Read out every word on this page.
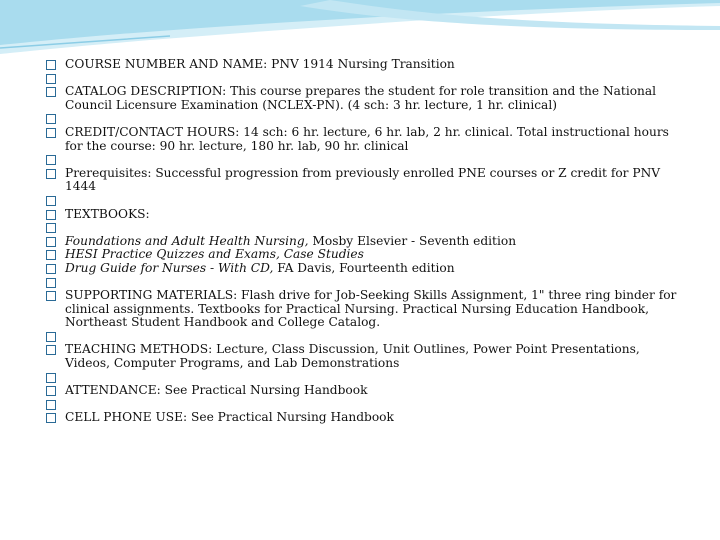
COURSE NUMBER AND NAME: PNV 1914 Nursing Transition
CATALOG DESCRIPTION: This course prepares the student for role transition and the National Council Licensure Examination (NCLEX-PN). (4 sch: 3 hr. lecture, 1 hr. clinical)
CREDIT/CONTACT HOURS: 14 sch: 6 hr. lecture, 6 hr. lab, 2 hr. clinical. Total instructional hours for the course: 90 hr. lecture, 180 hr. lab, 90 hr. clinical
Prerequisites: Successful progression from previously enrolled PNE courses or Z credit for PNV 1444
TEXTBOOKS:
Foundations and Adult Health Nursing, Mosby Elsevier - Seventh edition
HESI Practice Quizzes and Exams, Case Studies
Drug Guide for Nurses - With CD, FA Davis, Fourteenth edition
SUPPORTING MATERIALS: Flash drive for Job-Seeking Skills Assignment, 1" three ring binder for clinical assignments. Textbooks for Practical Nursing. Practical Nursing Education Handbook, Northeast Student Handbook and College Catalog.
TEACHING METHODS: Lecture, Class Discussion, Unit Outlines, Power Point Presentations, Videos, Computer Programs, and Lab Demonstrations
ATTENDANCE: See Practical Nursing Handbook
CELL PHONE USE: See Practical Nursing Handbook
